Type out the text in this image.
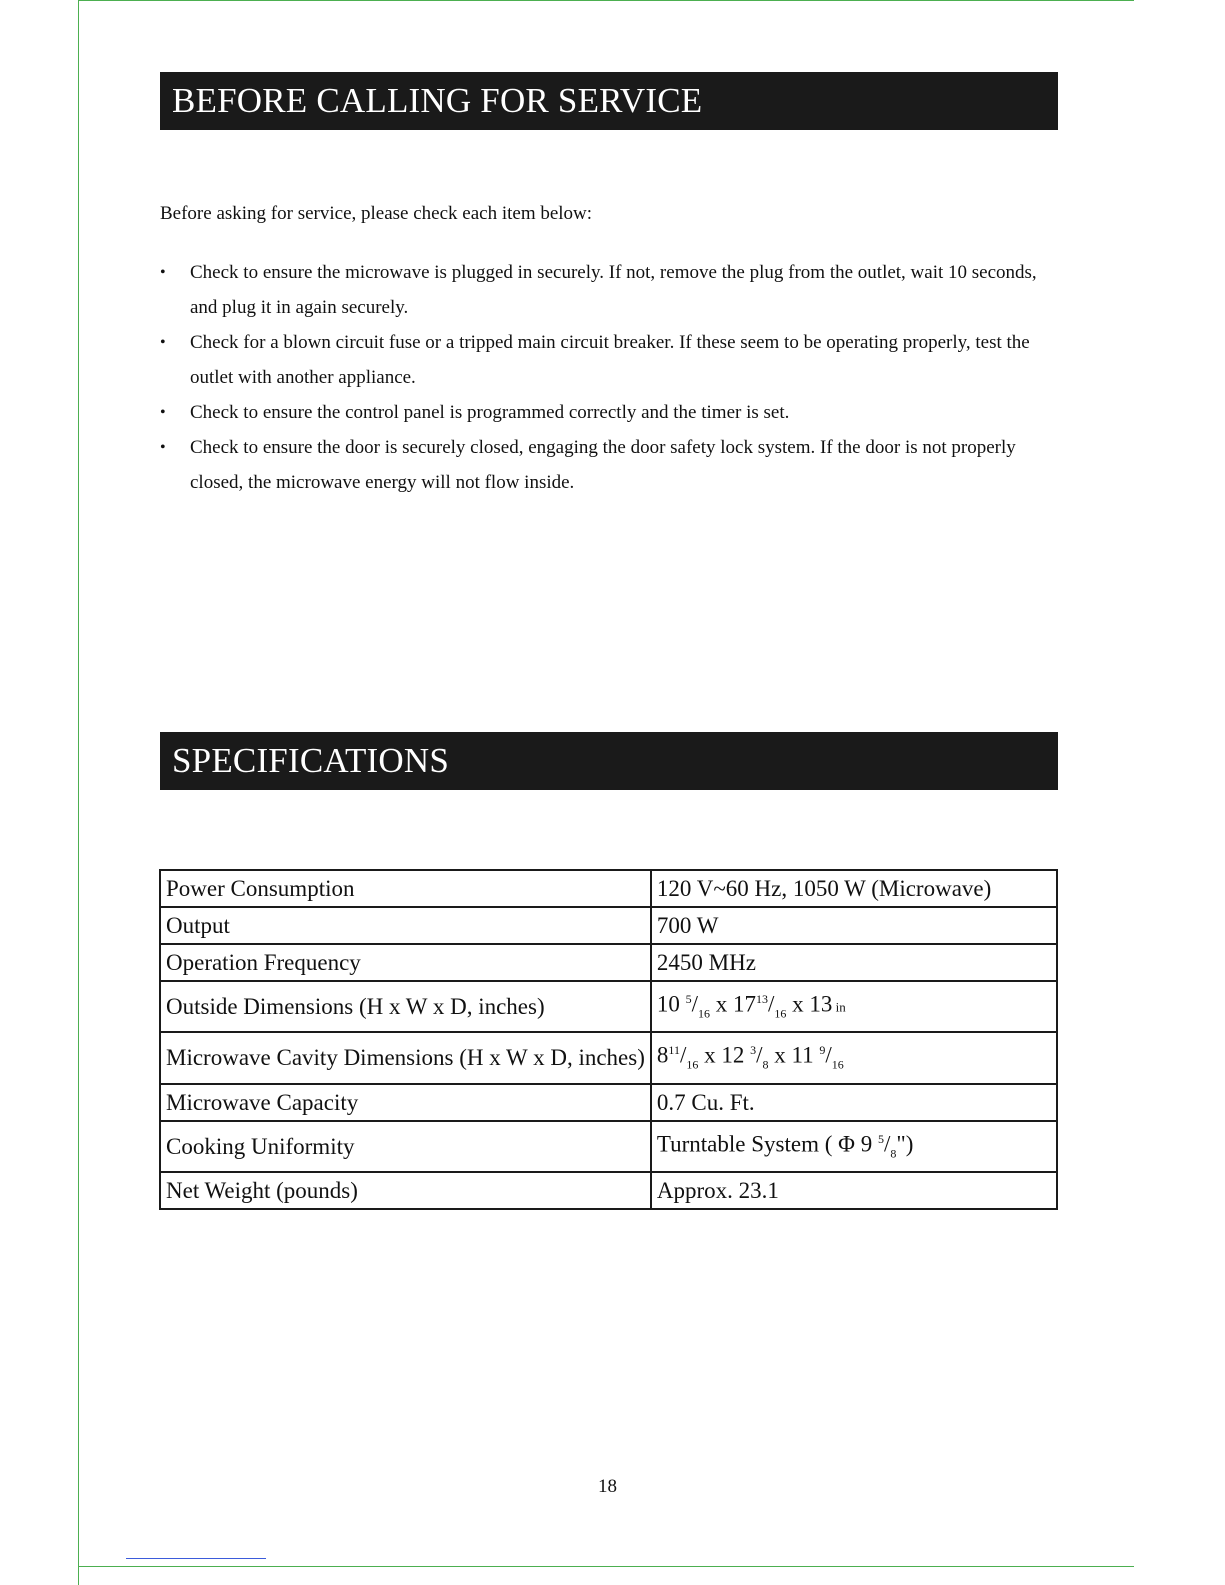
BEFORE CALLING FOR SERVICE
Before asking for service, please check each item below:
• Check to ensure the microwave is plugged in securely. If not, remove the plug from the outlet, wait 10 seconds, and plug it in again securely.
• Check for a blown circuit fuse or a tripped main circuit breaker. If these seem to be operating properly, test the outlet with another appliance.
• Check to ensure the control panel is programmed correctly and the timer is set.
• Check to ensure the door is securely closed, engaging the door safety lock system. If the door is not properly closed, the microwave energy will not flow inside.
SPECIFICATIONS
Power Consumption	120 V~60 Hz, 1050 W (Microwave)
Output	700 W
Operation Frequency	2450 MHz
Outside Dimensions (H x W x D, inches)	10 $^5/_{16}$ x $17^{13}/_{16}$ x 13 in
Microwave Cavity Dimensions (H x W x D, inches)	$8^{11}/_{16}$ x 12 $^3/_8$ x 11 $^9/_{16}$
Microwave Capacity	0.7 Cu. Ft.
Cooking Uniformity	Turntable System ( Φ 9 $^5/_8$")
Net Weight (pounds)	Approx. 23.1
18
